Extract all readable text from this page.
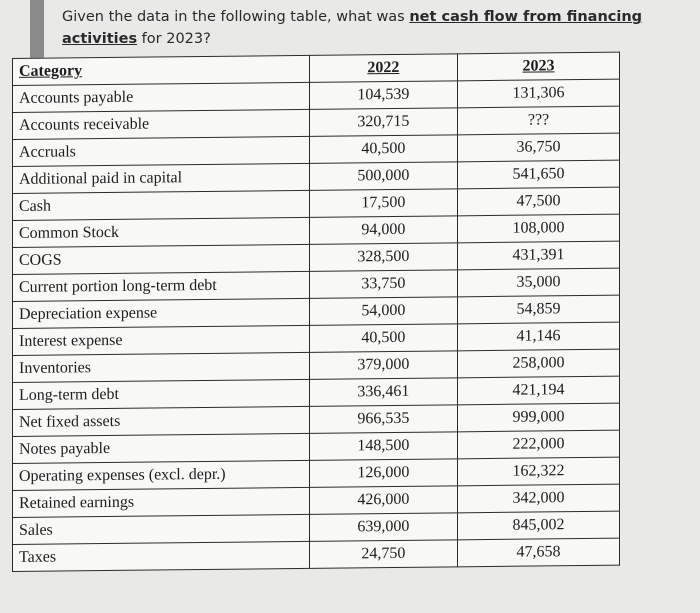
Given the data in the following table, what was net cash flow from financing activities for 2023?
Category	2022	2023
Accounts payable	104,539	131,306
Accounts receivable	320,715	???
Accruals	40,500	36,750
Additional paid in capital	500,000	541,650
Cash	17,500	47,500
Common Stock	94,000	108,000
COGS	328,500	431,391
Current portion long-term debt	33,750	35,000
Depreciation expense	54,000	54,859
Interest expense	40,500	41,146
Inventories	379,000	258,000
Long-term debt	336,461	421,194
Net fixed assets	966,535	999,000
Notes payable	148,500	222,000
Operating expenses (excl. depr.)	126,000	162,322
Retained earnings	426,000	342,000
Sales	639,000	845,002
Taxes	24,750	47,658
